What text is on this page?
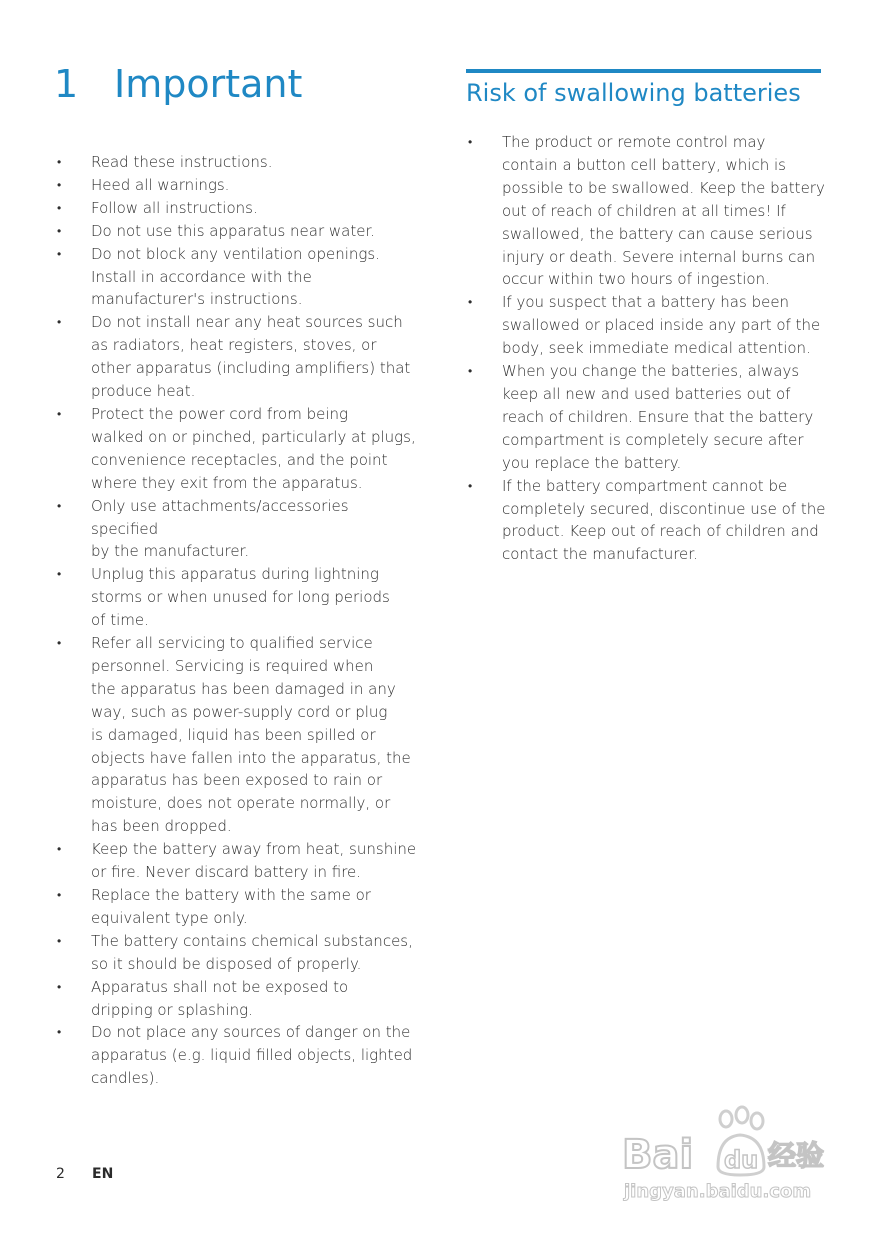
1 Important
• Read these instructions.
• Heed all warnings.
• Follow all instructions.
• Do not use this apparatus near water.
• Do not block any ventilation openings.
Install in accordance with the
manufacturer's instructions.
• Do not install near any heat sources such
as radiators, heat registers, stoves, or
other apparatus (including amplifiers) that
produce heat.
• Protect the power cord from being
walked on or pinched, particularly at plugs,
convenience receptacles, and the point
where they exit from the apparatus.
• Only use attachments/accessories specified
by the manufacturer.
• Unplug this apparatus during lightning
storms or when unused for long periods
of time.
• Refer all servicing to qualified service
personnel. Servicing is required when
the apparatus has been damaged in any
way, such as power-supply cord or plug
is damaged, liquid has been spilled or
objects have fallen into the apparatus, the
apparatus has been exposed to rain or
moisture, does not operate normally, or
has been dropped.
• Keep the battery away from heat, sunshine
or fire. Never discard battery in fire.
• Replace the battery with the same or
equivalent type only.
• The battery contains chemical substances,
so it should be disposed of properly.
• Apparatus shall not be exposed to
dripping or splashing.
• Do not place any sources of danger on the
apparatus (e.g. liquid filled objects, lighted
candles).
Risk of swallowing batteries
• The product or remote control may
contain a button cell battery, which is
possible to be swallowed. Keep the battery
out of reach of children at all times! If
swallowed, the battery can cause serious
injury or death. Severe internal burns can
occur within two hours of ingestion.
• If you suspect that a battery has been
swallowed or placed inside any part of the
body, seek immediate medical attention.
• When you change the batteries, always
keep all new and used batteries out of
reach of children. Ensure that the battery
compartment is completely secure after
you replace the battery.
• If the battery compartment cannot be
completely secured, discontinue use of the
product. Keep out of reach of children and
contact the manufacturer.
2 EN	Bai du 经验
jingyan.baidu.com
